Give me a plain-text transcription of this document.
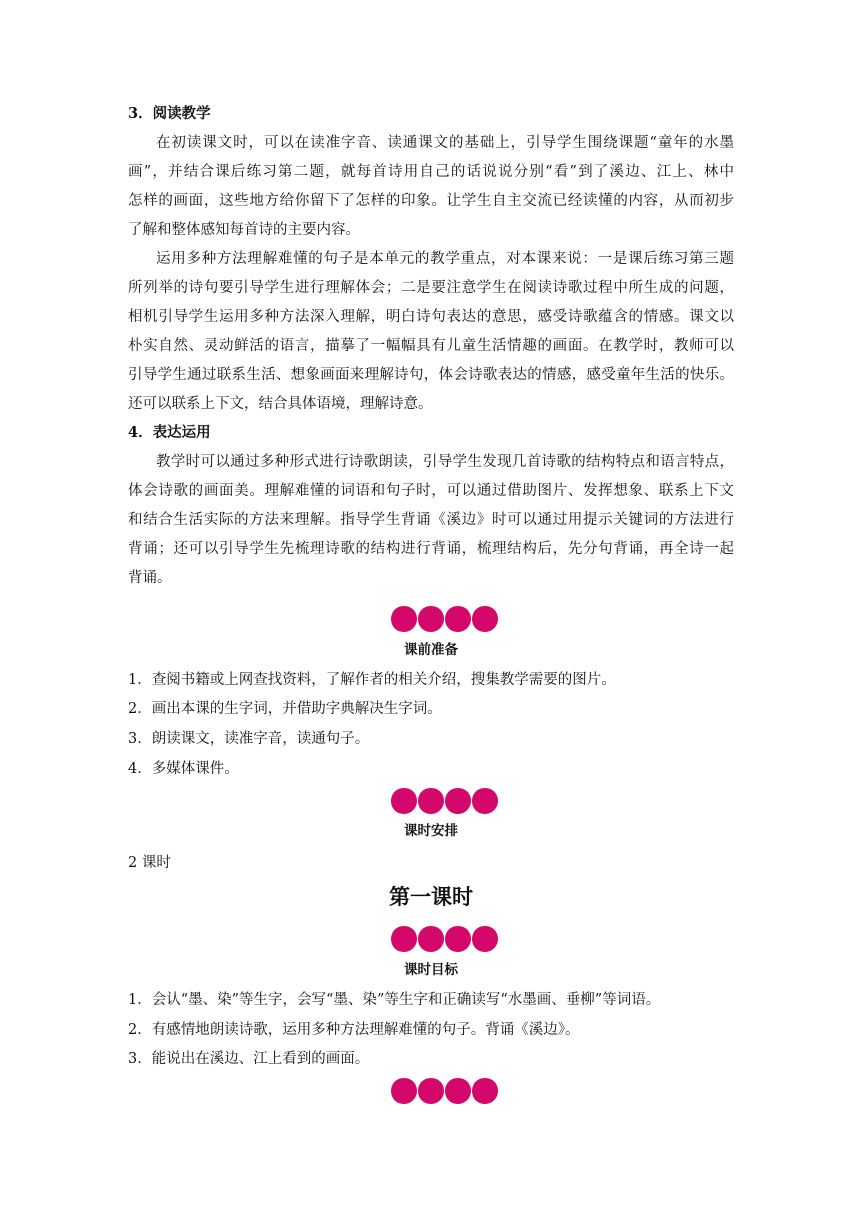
3．阅读教学
在初读课文时，可以在读准字音、读通课文的基础上，引导学生围绕课题“童年的水墨
画”，并结合课后练习第二题，就每首诗用自己的话说说分别“看”到了溪边、江上、林中
怎样的画面，这些地方给你留下了怎样的印象。让学生自主交流已经读懂的内容，从而初步
了解和整体感知每首诗的主要内容。
运用多种方法理解难懂的句子是本单元的教学重点，对本课来说：一是课后练习第三题
所列举的诗句要引导学生进行理解体会；二是要注意学生在阅读诗歌过程中所生成的问题，
相机引导学生运用多种方法深入理解，明白诗句表达的意思，感受诗歌蕴含的情感。课文以
朴实自然、灵动鲜活的语言，描摹了一幅幅具有儿童生活情趣的画面。在教学时，教师可以
引导学生通过联系生活、想象画面来理解诗句，体会诗歌表达的情感，感受童年生活的快乐。
还可以联系上下文，结合具体语境，理解诗意。
4．表达运用
教学时可以通过多种形式进行诗歌朗读，引导学生发现几首诗歌的结构特点和语言特点，
体会诗歌的画面美。理解难懂的词语和句子时，可以通过借助图片、发挥想象、联系上下文
和结合生活实际的方法来理解。指导学生背诵《溪边》时可以通过用提示关键词的方法进行
背诵；还可以引导学生先梳理诗歌的结构进行背诵，梳理结构后，先分句背诵，再全诗一起
背诵。
课前准备
1．查阅书籍或上网查找资料，了解作者的相关介绍，搜集教学需要的图片。
2．画出本课的生字词，并借助字典解决生字词。
3．朗读课文，读准字音，读通句子。
4．多媒体课件。
课时安排
2 课时
第一课时
课时目标
1．会认“墨、染”等生字，会写“墨、染”等生字和正确读写“水墨画、垂柳”等词语。
2．有感情地朗读诗歌，运用多种方法理解难懂的句子。背诵《溪边》。
3．能说出在溪边、江上看到的画面。
